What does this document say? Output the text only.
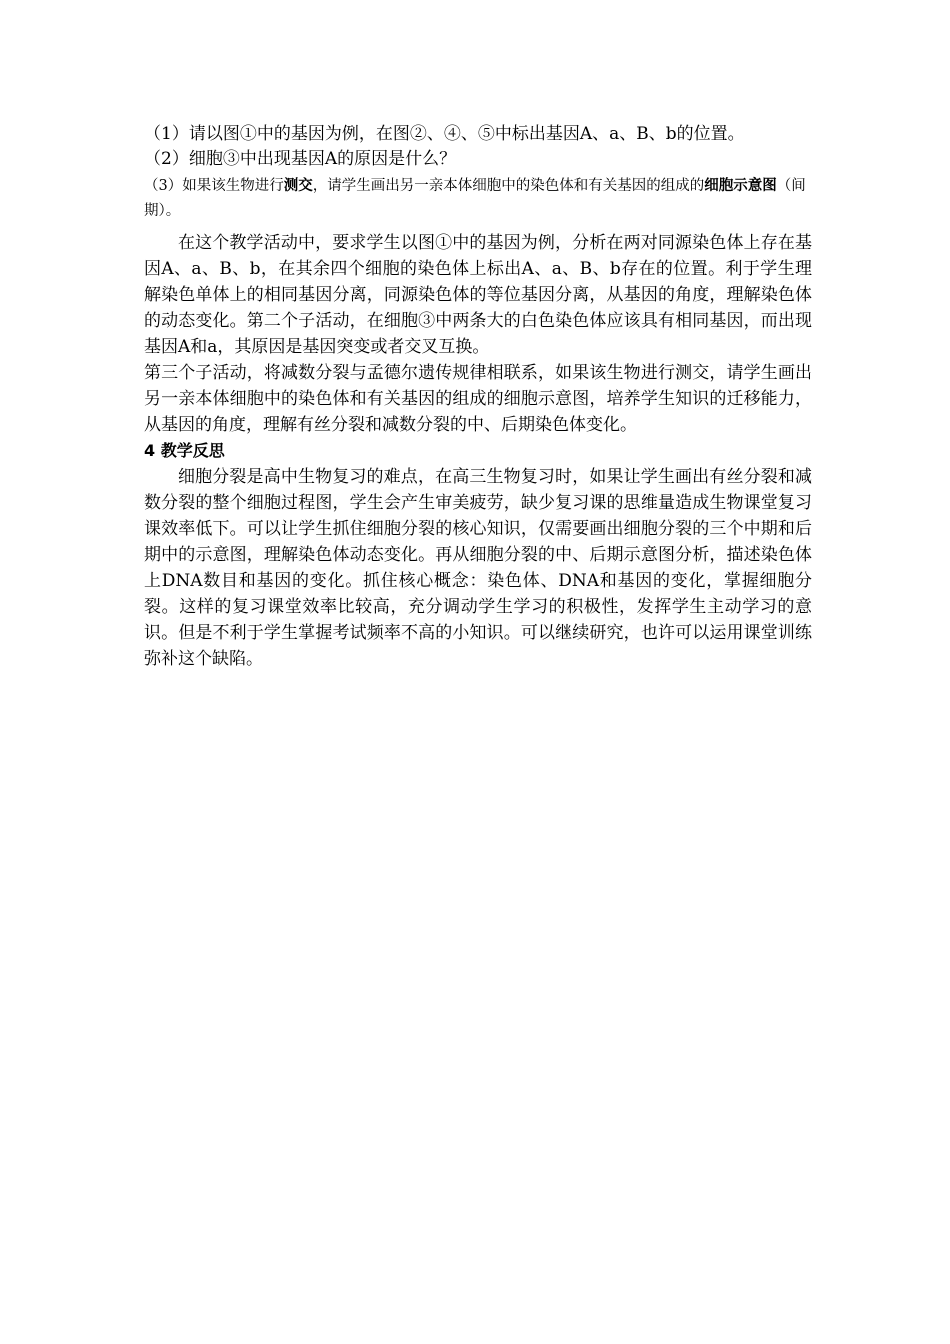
（1）请以图①中的基因为例，在图②、④、⑤中标出基因A、a、B、b的位置。

（2）细胞③中出现基因A的原因是什么？

（3）如果该生物进行测交，请学生画出另一亲本体细胞中的染色体和有关基因的组成的细胞示意图（间期）。

在这个教学活动中，要求学生以图①中的基因为例，分析在两对同源染色体上存在基因A、a、B、b，在其余四个细胞的染色体上标出A、a、B、b存在的位置。利于学生理解染色单体上的相同基因分离，同源染色体的等位基因分离，从基因的角度，理解染色体的动态变化。第二个子活动，在细胞③中两条大的白色染色体应该具有相同基因，而出现基因A和a，其原因是基因突变或者交叉互换。

第三个子活动，将减数分裂与孟德尔遗传规律相联系，如果该生物进行测交，请学生画出另一亲本体细胞中的染色体和有关基因的组成的细胞示意图，培养学生知识的迁移能力，从基因的角度，理解有丝分裂和减数分裂的中、后期染色体变化。

4 教学反思

细胞分裂是高中生物复习的难点，在高三生物复习时，如果让学生画出有丝分裂和减数分裂的整个细胞过程图，学生会产生审美疲劳，缺少复习课的思维量造成生物课堂复习课效率低下。可以让学生抓住细胞分裂的核心知识，仅需要画出细胞分裂的三个中期和后期中的示意图，理解染色体动态变化。再从细胞分裂的中、后期示意图分析，描述染色体上DNA数目和基因的变化。抓住核心概念：染色体、DNA和基因的变化，掌握细胞分裂。这样的复习课堂效率比较高，充分调动学生学习的积极性，发挥学生主动学习的意识。但是不利于学生掌握考试频率不高的小知识。可以继续研究，也许可以运用课堂训练弥补这个缺陷。
